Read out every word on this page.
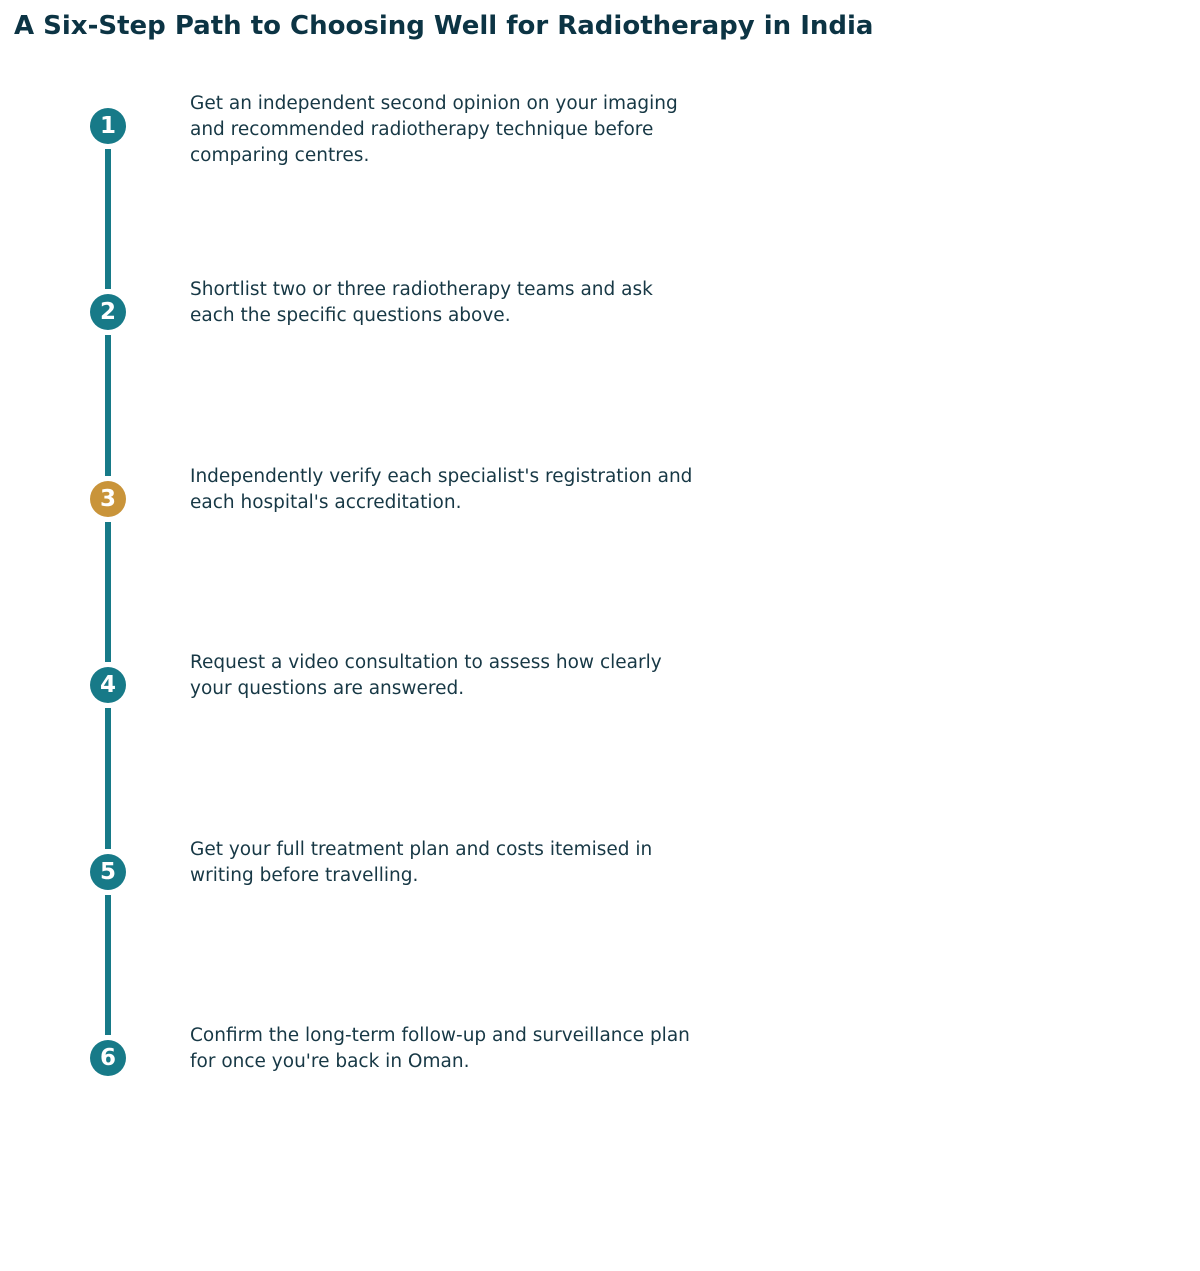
A Six-Step Path to Choosing Well for Radiotherapy in India
1

Get an independent second opinion on your imaging and recommended radiotherapy technique before comparing centres.

2

Shortlist two or three radiotherapy teams and ask each the specific questions above.

3

Independently verify each specialist's registration and each hospital's accreditation.

4

Request a video consultation to assess how clearly your questions are answered.

5

Get your full treatment plan and costs itemised in writing before travelling.

6

Confirm the long-term follow-up and surveillance plan for once you're back in Oman.
